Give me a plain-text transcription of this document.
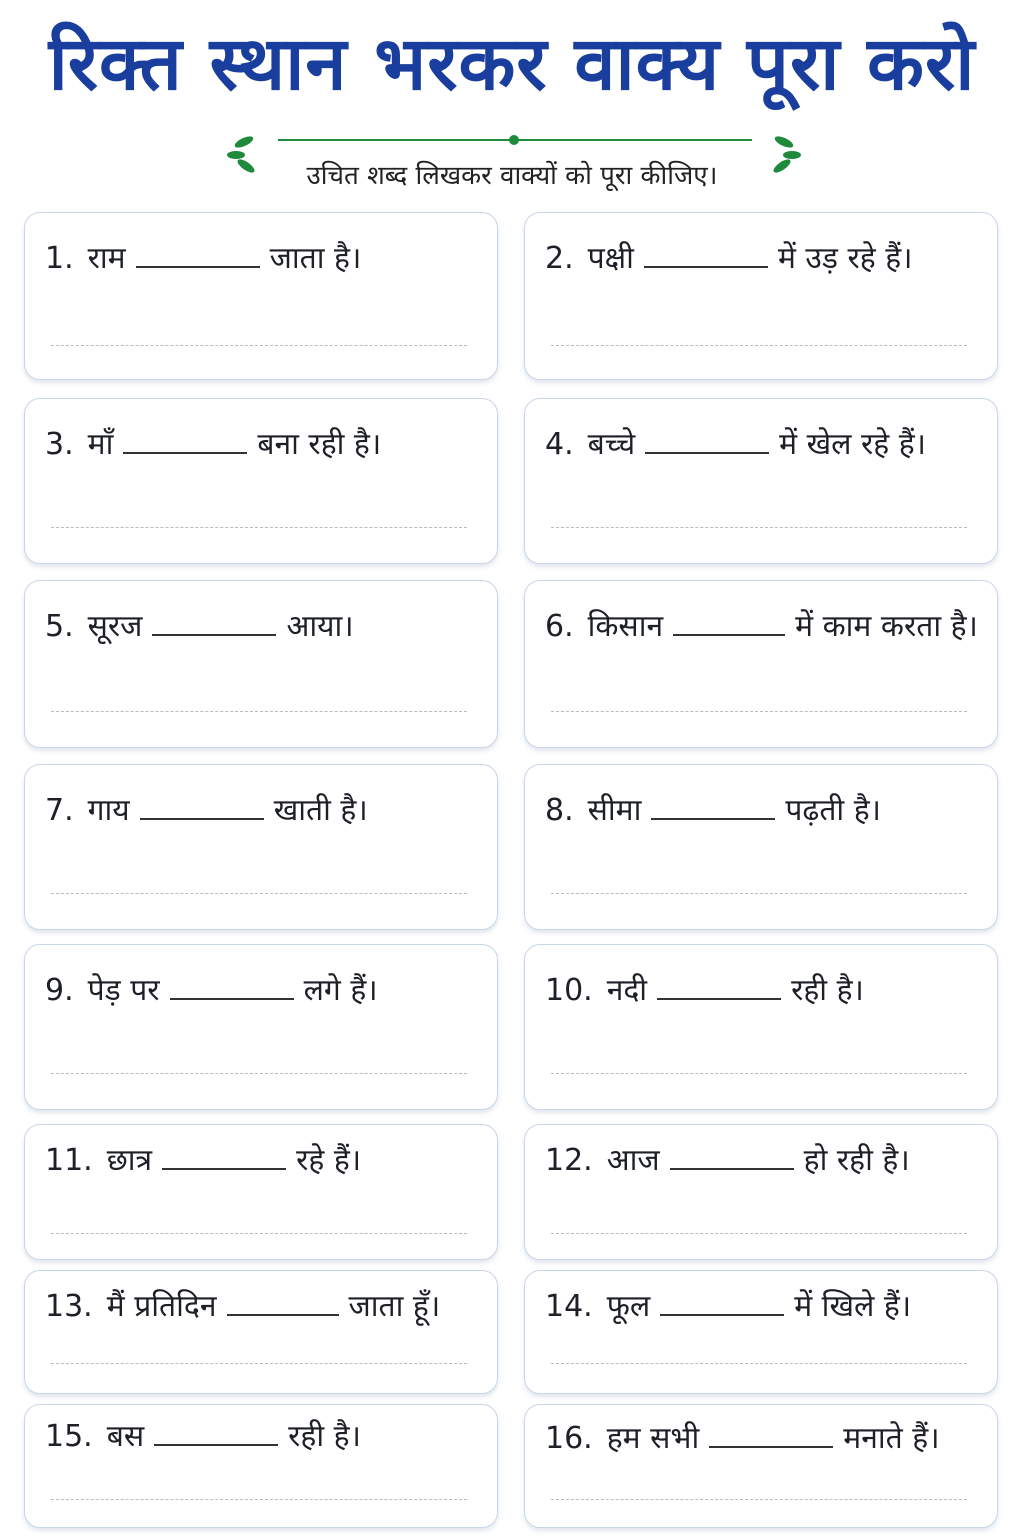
रिक्त स्थान भरकर वाक्य पूरा करो
उचित शब्द लिखकर वाक्यों को पूरा कीजिए।
1. राम	जाता है।	2. पक्षी	में उड़ रहे हैं।
3. माँ	बना रही है।	4. बच्चे	में खेल रहे हैं।
5. सूरज	आया।	6. किसान	में काम करता है।
7. गाय	खाती है।	8. सीमा	पढ़ती है।
9. पेड़ पर	लगे हैं।	10. नदी	रही है।
11. छात्र	रहे हैं।	12. आज	हो रही है।
13. मैं प्रतिदिन	जाता हूँ।	14. फूल	में खिले हैं।
15. बस	रही है।	16. हम सभी	मनाते हैं।
